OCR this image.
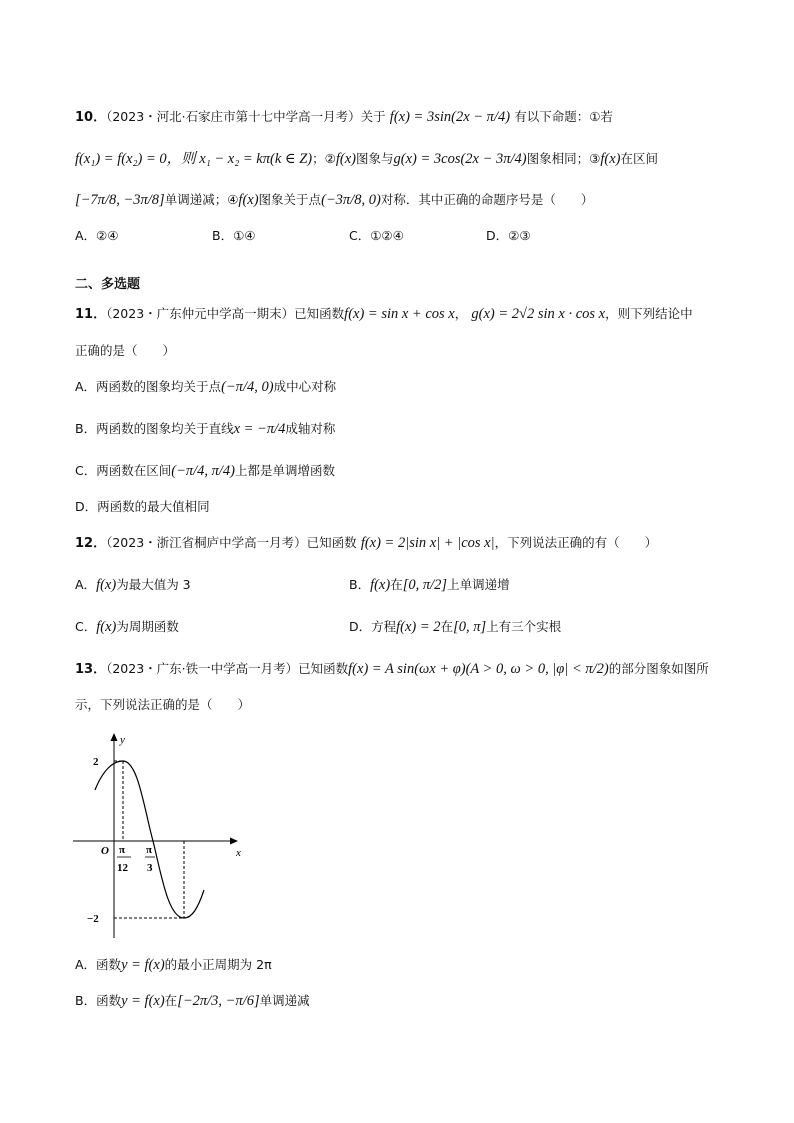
10．（2023・河北·石家庄市第十七中学高一月考）关于 f(x) = 3sin(2x − π/4) 有以下命题：①若
f(x₁) = f(x₂) = 0，则 x₁ − x₂ = kπ(k ∈ Z)；②f(x)图象与g(x) = 3cos(2x − 3π/4)图象相同；③f(x)在区间
[−7π/8, −3π/8]单调递减；④f(x)图象关于点(−3π/8, 0)对称．其中正确的命题序号是（　　）
A．②④	B．①④	C．①②④	D．②③
二、多选题
11．（2023・广东仲元中学高一期末）已知函数f(x) = sin x + cos x， g(x) = 2√2 sin x · cos x，则下列结论中
正确的是（　　）
A．两函数的图象均关于点(−π/4, 0)成中心对称
B．两函数的图象均关于直线x = −π/4成轴对称
C．两函数在区间(−π/4, π/4)上都是单调增函数
D．两函数的最大值相同
12．（2023・浙江省桐庐中学高一月考）已知函数 f(x) = 2|sin x| + |cos x|，下列说法正确的有（　　）
A．f(x)为最大值为 3	B．f(x)在[0, π/2]上单调递增
C．f(x)为周期函数	D．方程f(x) = 2在[0, π]上有三个实根
13．（2023・广东·铁一中学高一月考）已知函数f(x) = A sin(ωx + φ)(A > 0, ω > 0, |φ| < π/2)的部分图象如图所
示，下列说法正确的是（　　）
y
2
O	x
−2
π
12
π
3
A．函数y = f(x)的最小正周期为 2π
B．函数y = f(x)在[−2π/3, −π/6]单调递减
